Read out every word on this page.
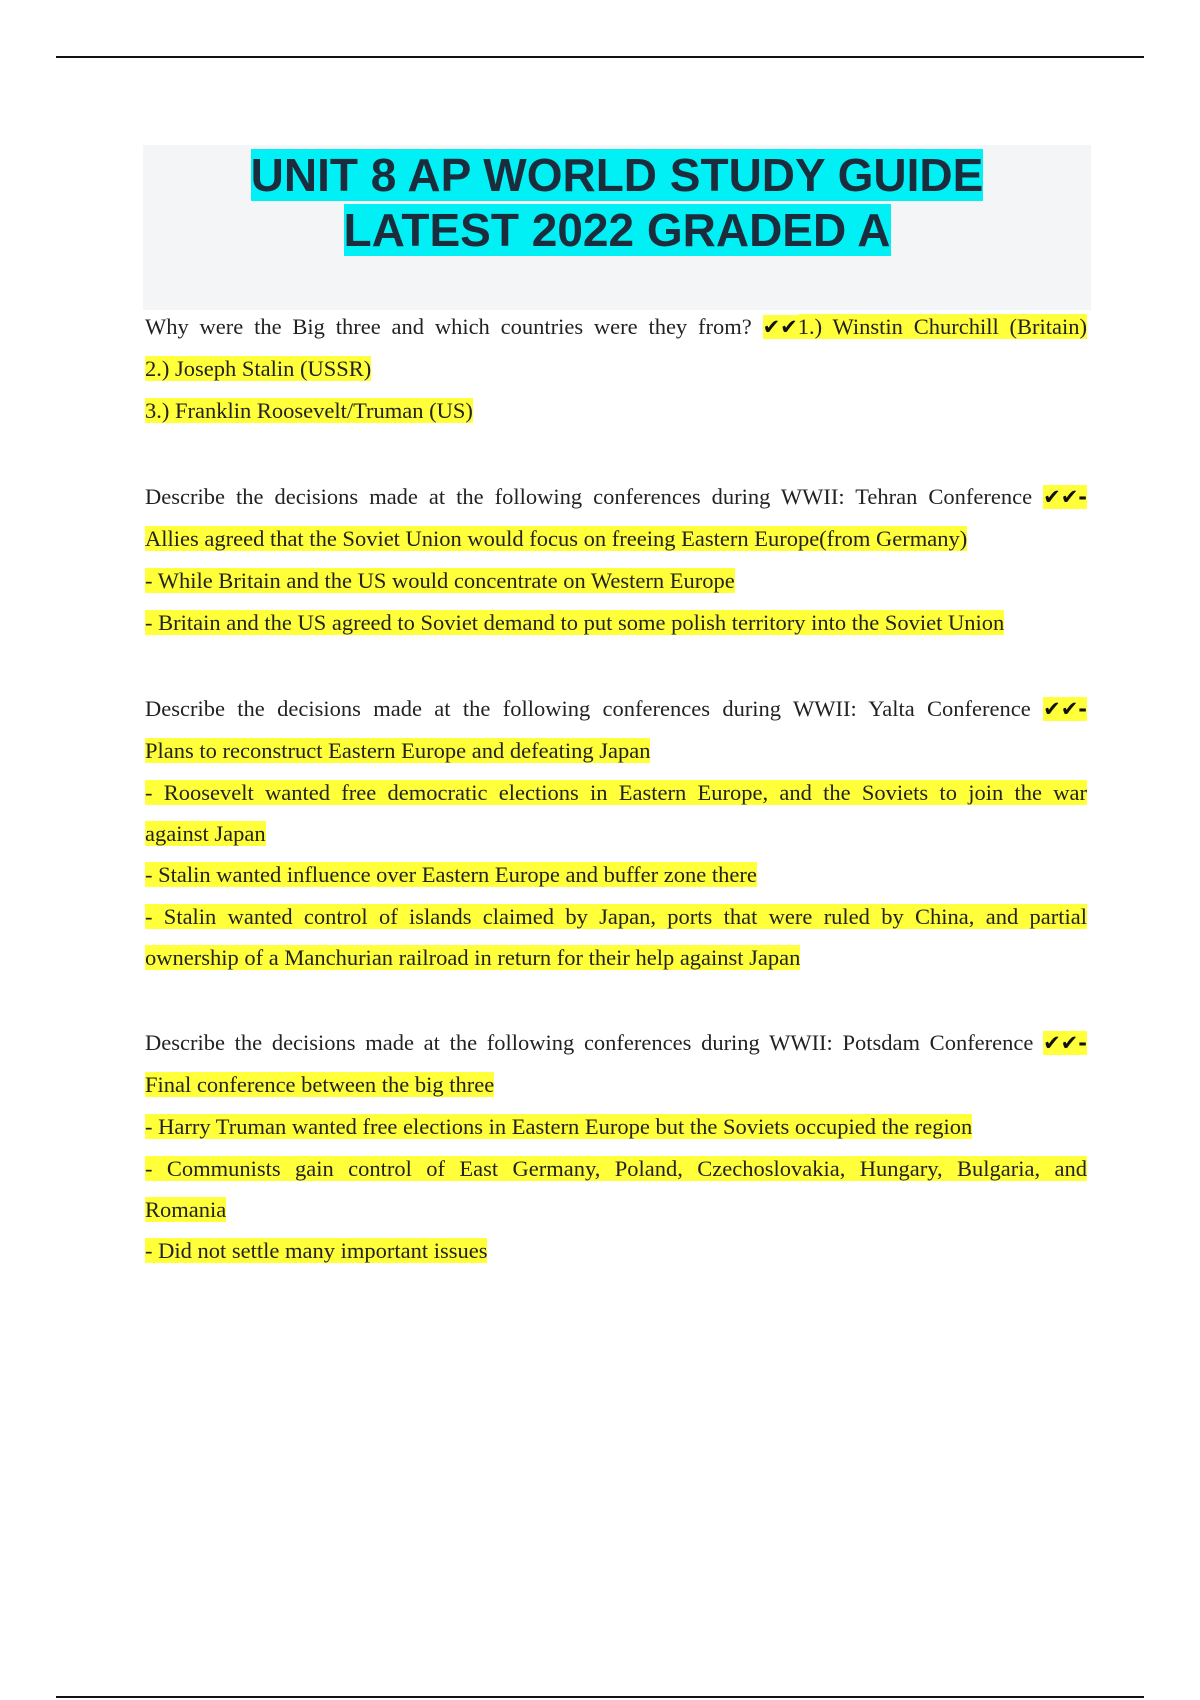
UNIT 8 AP WORLD STUDY GUIDE
LATEST 2022 GRADED A
Why were the Big three and which countries were they from? ✔✔1.) Winstin Churchill (Britain)
2.) Joseph Stalin (USSR)
3.) Franklin Roosevelt/Truman (US)
Describe the decisions made at the following conferences during WWII: Tehran Conference ✔✔-
Allies agreed that the Soviet Union would focus on freeing Eastern Europe(from Germany)
- While Britain and the US would concentrate on Western Europe
- Britain and the US agreed to Soviet demand to put some polish territory into the Soviet Union
Describe the decisions made at the following conferences during WWII: Yalta Conference ✔✔-
Plans to reconstruct Eastern Europe and defeating Japan
- Roosevelt wanted free democratic elections in Eastern Europe, and the Soviets to join the war
against Japan
- Stalin wanted influence over Eastern Europe and buffer zone there
- Stalin wanted control of islands claimed by Japan, ports that were ruled by China, and partial
ownership of a Manchurian railroad in return for their help against Japan
Describe the decisions made at the following conferences during WWII: Potsdam Conference ✔✔-
Final conference between the big three
- Harry Truman wanted free elections in Eastern Europe but the Soviets occupied the region
- Communists gain control of East Germany, Poland, Czechoslovakia, Hungary, Bulgaria, and
Romania
- Did not settle many important issues
